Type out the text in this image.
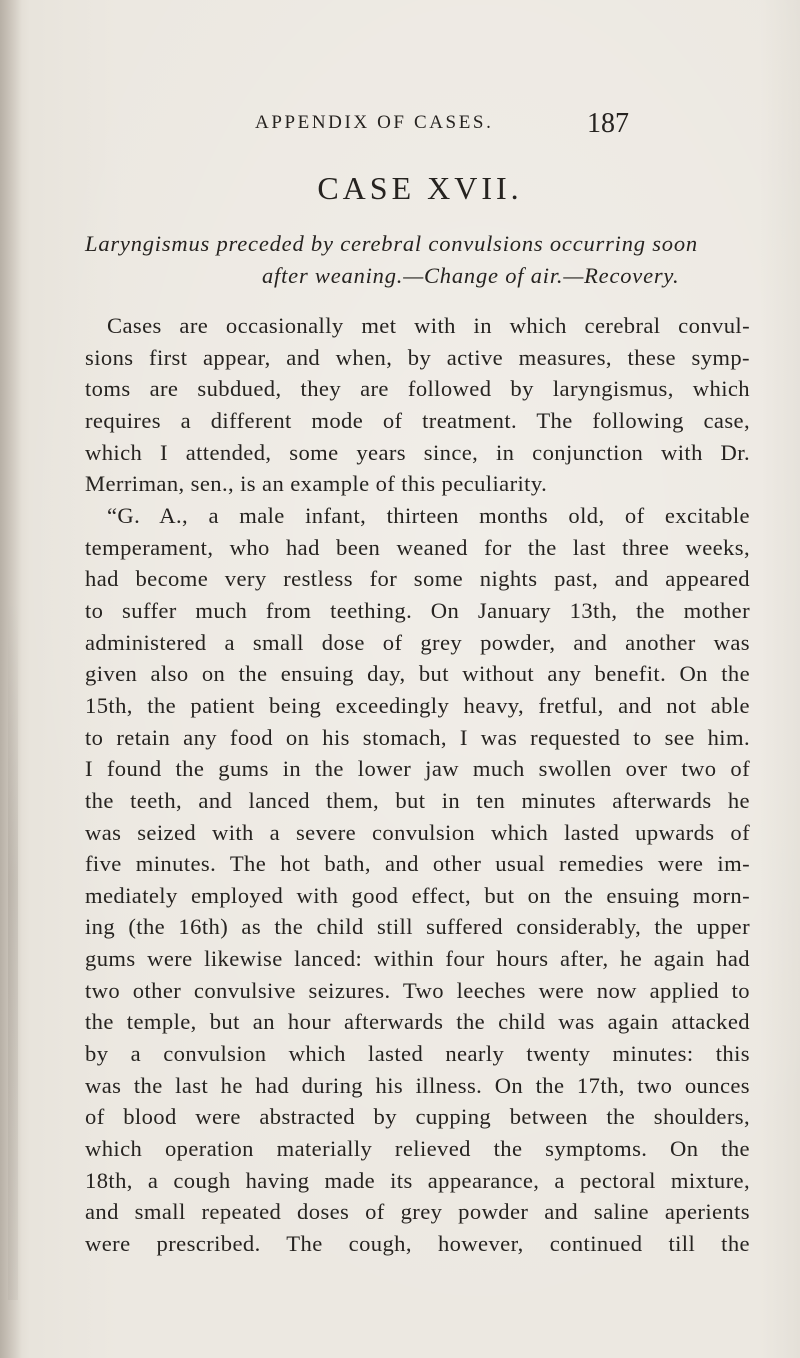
APPENDIX OF CASES.	187
CASE XVII.
Laryngismus preceded by cerebral convulsions occurring soon
after weaning.—Change of air.—Recovery.
Cases are occasionally met with in which cerebral convul-
sions first appear, and when, by active measures, these symp-
toms are subdued, they are followed by laryngismus, which
requires a different mode of treatment. The following case,
which I attended, some years since, in conjunction with Dr.
Merriman, sen., is an example of this peculiarity.
“G. A., a male infant, thirteen months old, of excitable
temperament, who had been weaned for the last three weeks,
had become very restless for some nights past, and appeared
to suffer much from teething. On January 13th, the mother
administered a small dose of grey powder, and another was
given also on the ensuing day, but without any benefit. On the
15th, the patient being exceedingly heavy, fretful, and not able
to retain any food on his stomach, I was requested to see him.
I found the gums in the lower jaw much swollen over two of
the teeth, and lanced them, but in ten minutes afterwards he
was seized with a severe convulsion which lasted upwards of
five minutes. The hot bath, and other usual remedies were im-
mediately employed with good effect, but on the ensuing morn-
ing (the 16th) as the child still suffered considerably, the upper
gums were likewise lanced: within four hours after, he again had
two other convulsive seizures. Two leeches were now applied to
the temple, but an hour afterwards the child was again attacked
by a convulsion which lasted nearly twenty minutes: this
was the last he had during his illness. On the 17th, two ounces
of blood were abstracted by cupping between the shoulders,
which operation materially relieved the symptoms. On the
18th, a cough having made its appearance, a pectoral mixture,
and small repeated doses of grey powder and saline aperients
were prescribed. The cough, however, continued till the
